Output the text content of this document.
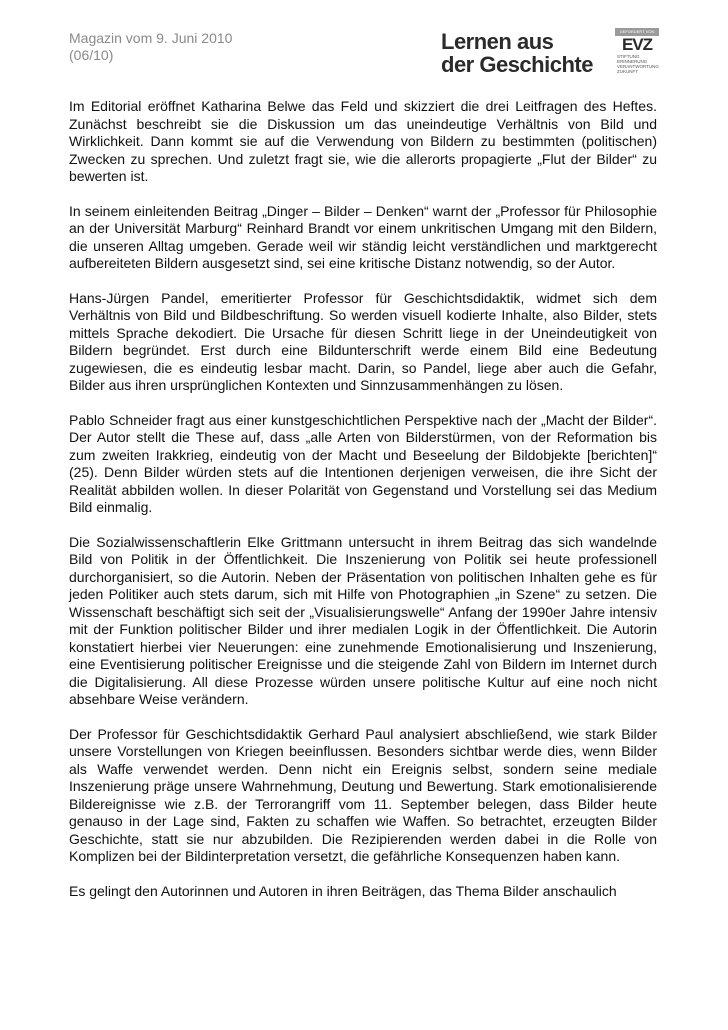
Magazin vom 9. Juni 2010
(06/10)
Lernen aus
der Geschichte
GEFÖRDERT VON
EVZ
STIFTUNG
ERINNERUNG
VERANTWORTUNG
ZUKUNFT

Im Editorial eröffnet Katharina Belwe das Feld und skizziert die drei Leitfragen des Heftes. Zunächst beschreibt sie die Diskussion um das uneindeutige Verhältnis von Bild und Wirklichkeit. Dann kommt sie auf die Verwendung von Bildern zu bestimmten (politischen) Zwecken zu sprechen. Und zuletzt fragt sie, wie die allerorts propagierte „Flut der Bilder“ zu bewerten ist.

In seinem einleitenden Beitrag „Dinger – Bilder – Denken“ warnt der „Professor für Philosophie an der Universität Marburg“ Reinhard Brandt vor einem unkritischen Umgang mit den Bildern, die unseren Alltag umgeben. Gerade weil wir ständig leicht verständlichen und marktgerecht aufbereiteten Bildern ausgesetzt sind, sei eine kritische Distanz notwendig, so der Autor.

Hans-Jürgen Pandel, emeritierter Professor für Geschichtsdidaktik, widmet sich dem Verhältnis von Bild und Bildbeschriftung. So werden visuell kodierte Inhalte, also Bilder, stets mittels Sprache dekodiert. Die Ursache für diesen Schritt liege in der Uneindeutigkeit von Bildern begründet. Erst durch eine Bildunterschrift werde einem Bild eine Bedeutung zugewiesen, die es eindeutig lesbar macht. Darin, so Pandel, liege aber auch die Gefahr, Bilder aus ihren ursprünglichen Kontexten und Sinnzusammenhängen zu lösen.

Pablo Schneider fragt aus einer kunstgeschichtlichen Perspektive nach der „Macht der Bilder“. Der Autor stellt die These auf, dass „alle Arten von Bilderstürmen, von der Reformation bis zum zweiten Irakkrieg, eindeutig von der Macht und Beseelung der Bildobjekte [berichten]“ (25). Denn Bilder würden stets auf die Intentionen derjenigen verweisen, die ihre Sicht der Realität abbilden wollen. In dieser Polarität von Gegenstand und Vorstellung sei das Medium Bild einmalig.

Die Sozialwissenschaftlerin Elke Grittmann untersucht in ihrem Beitrag das sich wandelnde Bild von Politik in der Öffentlichkeit. Die Inszenierung von Politik sei heute professionell durchorganisiert, so die Autorin. Neben der Präsentation von politischen Inhalten gehe es für jeden Politiker auch stets darum, sich mit Hilfe von Photographien „in Szene“ zu setzen. Die Wissenschaft beschäftigt sich seit der „Visualisierungswelle“ Anfang der 1990er Jahre intensiv mit der Funktion politischer Bilder und ihrer medialen Logik in der Öffentlichkeit. Die Autorin konstatiert hierbei vier Neuerungen: eine zunehmende Emotionalisierung und Inszenierung, eine Eventisierung politischer Ereignisse und die steigende Zahl von Bildern im Internet durch die Digitalisierung. All diese Prozesse würden unsere politische Kultur auf eine noch nicht absehbare Weise verändern.

Der Professor für Geschichtsdidaktik Gerhard Paul analysiert abschließend, wie stark Bilder unsere Vorstellungen von Kriegen beeinflussen. Besonders sichtbar werde dies, wenn Bilder als Waffe verwendet werden. Denn nicht ein Ereignis selbst, sondern seine mediale Inszenierung präge unsere Wahrnehmung, Deutung und Bewertung. Stark emotionalisierende Bildereignisse wie z.B. der Terrorangriff vom 11. September belegen, dass Bilder heute genauso in der Lage sind, Fakten zu schaffen wie Waffen. So betrachtet, erzeugten Bilder Geschichte, statt sie nur abzubilden. Die Rezipierenden werden dabei in die Rolle von Komplizen bei der Bildinterpretation versetzt, die gefährliche Konsequenzen haben kann.

Es gelingt den Autorinnen und Autoren in ihren Beiträgen, das Thema Bilder anschaulich
